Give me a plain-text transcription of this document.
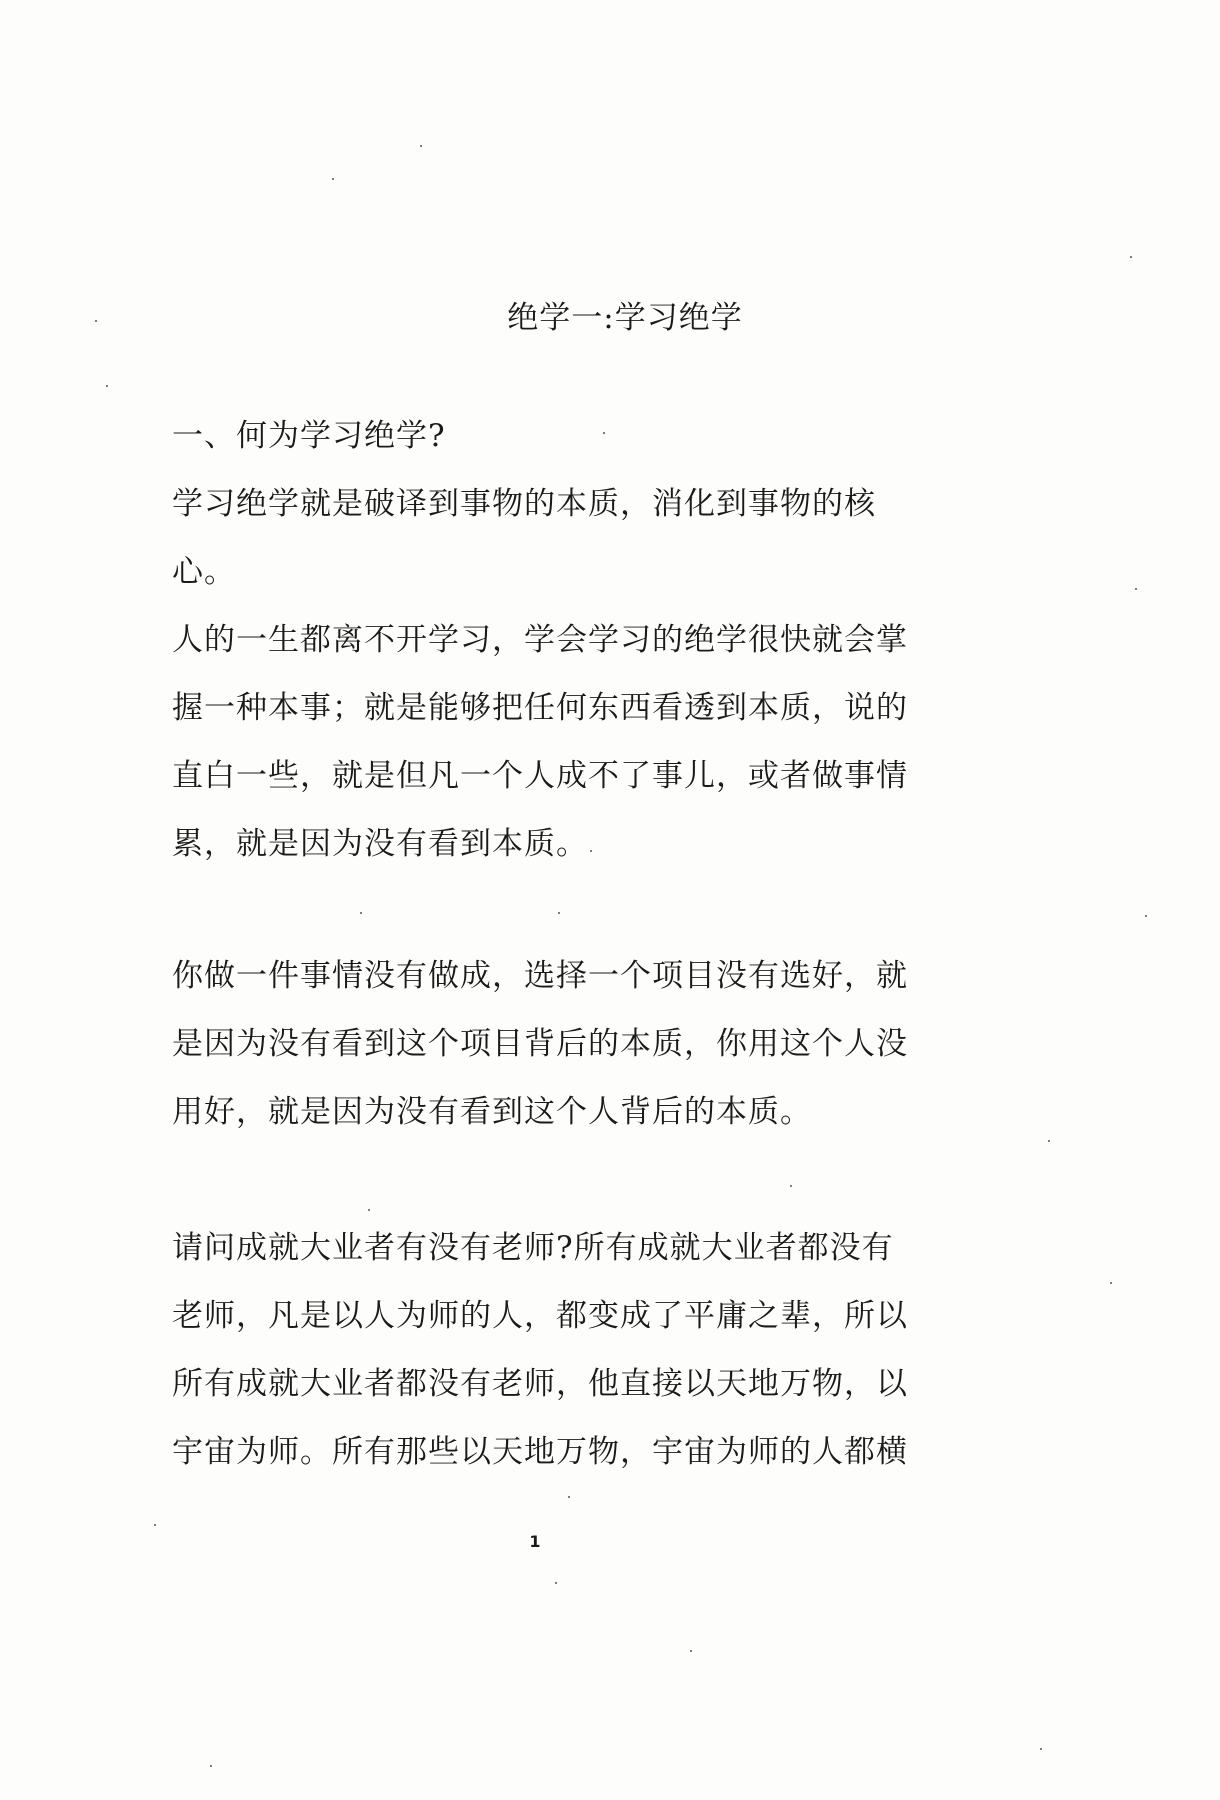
绝学一:学习绝学
一、何为学习绝学?
学习绝学就是破译到事物的本质，消化到事物的核
心。
人的一生都离不开学习，学会学习的绝学很快就会掌
握一种本事；就是能够把任何东西看透到本质，说的
直白一些，就是但凡一个人成不了事儿，或者做事情
累，就是因为没有看到本质。
你做一件事情没有做成，选择一个项目没有选好，就
是因为没有看到这个项目背后的本质，你用这个人没
用好，就是因为没有看到这个人背后的本质。
请问成就大业者有没有老师?所有成就大业者都没有
老师，凡是以人为师的人，都变成了平庸之辈，所以
所有成就大业者都没有老师，他直接以天地万物，以
宇宙为师。所有那些以天地万物，宇宙为师的人都横
1
